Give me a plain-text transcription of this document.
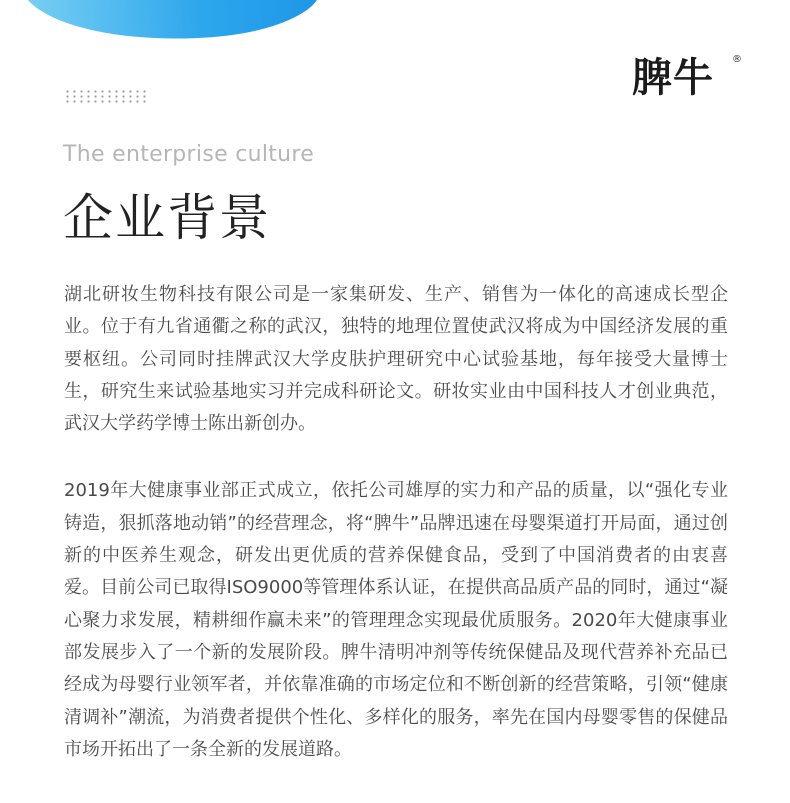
脾牛 ®
The enterprise culture
企业背景

湖北研妆生物科技有限公司是一家集研发、生产、销售为一体化的高速成长型企业。位于有九省通衢之称的武汉，独特的地理位置使武汉将成为中国经济发展的重要枢纽。公司同时挂牌武汉大学皮肤护理研究中心试验基地，每年接受大量博士生，研究生来试验基地实习并完成科研论文。研妆实业由中国科技人才创业典范，武汉大学药学博士陈出新创办。

2019年大健康事业部正式成立，依托公司雄厚的实力和产品的质量，以“强化专业铸造，狠抓落地动销”的经营理念，将“脾牛”品牌迅速在母婴渠道打开局面，通过创新的中医养生观念，研发出更优质的营养保健食品，受到了中国消费者的由衷喜爱。目前公司已取得ISO9000等管理体系认证，在提供高品质产品的同时，通过“凝心聚力求发展，精耕细作赢未来”的管理理念实现最优质服务。2020年大健康事业部发展步入了一个新的发展阶段。脾牛清明冲剂等传统保健品及现代营养补充品已经成为母婴行业领军者，并依靠准确的市场定位和不断创新的经营策略，引领“健康清调补”潮流，为消费者提供个性化、多样化的服务，率先在国内母婴零售的保健品市场开拓出了一条全新的发展道路。
